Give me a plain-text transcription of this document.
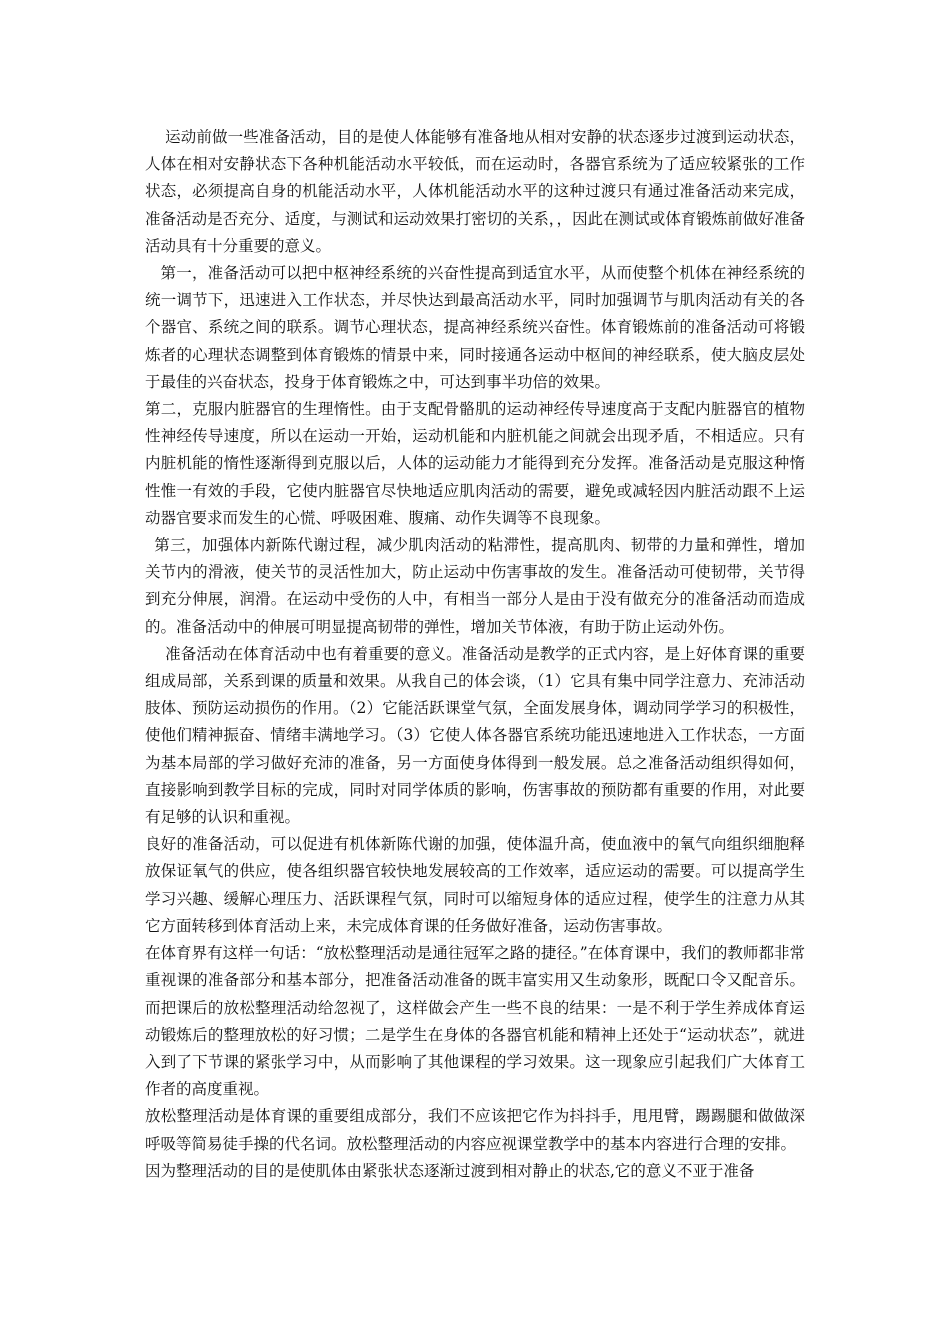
运动前做一些准备活动，目的是使人体能够有准备地从相对安静的状态逐步过渡到运动状态，人体在相对安静状态下各种机能活动水平较低，而在运动时，各器官系统为了适应较紧张的工作状态，必须提高自身的机能活动水平，人体机能活动水平的这种过渡只有通过准备活动来完成，准备活动是否充分、适度，与测试和运动效果打密切的关系，，因此在测试或体育锻炼前做好准备活动具有十分重要的意义。

第一，准备活动可以把中枢神经系统的兴奋性提高到适宜水平，从而使整个机体在神经系统的统一调节下，迅速进入工作状态，并尽快达到最高活动水平，同时加强调节与肌肉活动有关的各个器官、系统之间的联系。调节心理状态，提高神经系统兴奋性。体育锻炼前的准备活动可将锻炼者的心理状态调整到体育锻炼的情景中来，同时接通各运动中枢间的神经联系，使大脑皮层处于最佳的兴奋状态，投身于体育锻炼之中，可达到事半功倍的效果。

第二，克服内脏器官的生理惰性。由于支配骨骼肌的运动神经传导速度高于支配内脏器官的植物性神经传导速度，所以在运动一开始，运动机能和内脏机能之间就会出现矛盾，不相适应。只有内脏机能的惰性逐渐得到克服以后，人体的运动能力才能得到充分发挥。准备活动是克服这种惰性惟一有效的手段，它使内脏器官尽快地适应肌肉活动的需要，避免或减轻因内脏活动跟不上运动器官要求而发生的心慌、呼吸困难、腹痛、动作失调等不良现象。

第三，加强体内新陈代谢过程，减少肌肉活动的粘滞性，提高肌肉、韧带的力量和弹性，增加关节内的滑液，使关节的灵活性加大，防止运动中伤害事故的发生。准备活动可使韧带，关节得到充分伸展，润滑。在运动中受伤的人中，有相当一部分人是由于没有做充分的准备活动而造成的。准备活动中的伸展可明显提高韧带的弹性，增加关节体液，有助于防止运动外伤。

准备活动在体育活动中也有着重要的意义。准备活动是教学的正式内容，是上好体育课的重要组成局部，关系到课的质量和效果。从我自己的体会谈，（1）它具有集中同学注意力、充沛活动肢体、预防运动损伤的作用。（2）它能活跃课堂气氛，全面发展身体，调动同学学习的积极性，使他们精神振奋、情绪丰满地学习。（3）它使人体各器官系统功能迅速地进入工作状态，一方面为基本局部的学习做好充沛的准备，另一方面使身体得到一般发展。总之准备活动组织得如何，直接影响到教学目标的完成，同时对同学体质的影响，伤害事故的预防都有重要的作用，对此要有足够的认识和重视。

良好的准备活动，可以促进有机体新陈代谢的加强，使体温升高，使血液中的氧气向组织细胞释放保证氧气的供应，使各组织器官较快地发展较高的工作效率，适应运动的需要。可以提高学生学习兴趣、缓解心理压力、活跃课程气氛，同时可以缩短身体的适应过程，使学生的注意力从其它方面转移到体育活动上来，未完成体育课的任务做好准备，运动伤害事故。

在体育界有这样一句话：“放松整理活动是通往冠军之路的捷径。”在体育课中，我们的教师都非常重视课的准备部分和基本部分，把准备活动准备的既丰富实用又生动象形，既配口令又配音乐。而把课后的放松整理活动给忽视了，这样做会产生一些不良的结果：一是不利于学生养成体育运动锻炼后的整理放松的好习惯；二是学生在身体的各器官机能和精神上还处于“运动状态”，就进入到了下节课的紧张学习中，从而影响了其他课程的学习效果。这一现象应引起我们广大体育工作者的高度重视。

放松整理活动是体育课的重要组成部分，我们不应该把它作为抖抖手，甩甩臂，踢踢腿和做做深呼吸等简易徒手操的代名词。放松整理活动的内容应视课堂教学中的基本内容进行合理的安排。

因为整理活动的目的是使肌体由紧张状态逐渐过渡到相对静止的状态,它的意义不亚于准备
